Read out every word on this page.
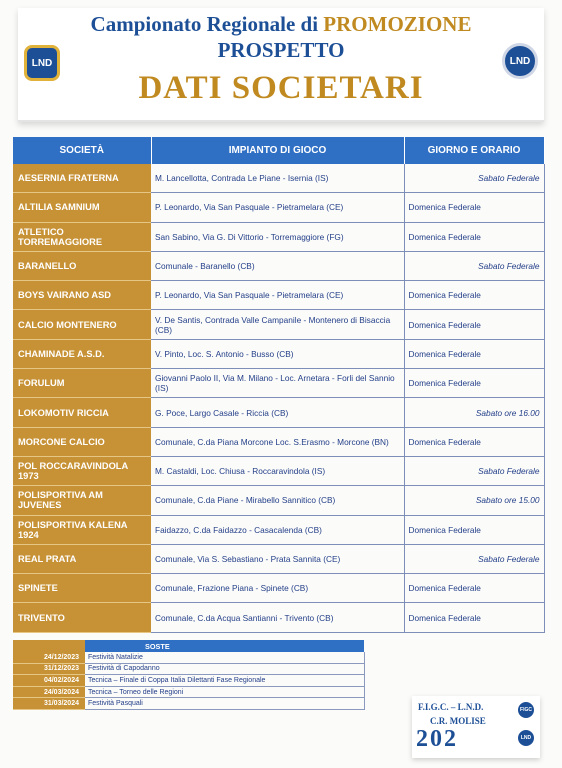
LND
Campionato Regionale di PROMOZIONE
PROSPETTO
DATI SOCIETARI
LND
SOCIETÀ	IMPIANTO DI GIOCO	GIORNO E ORARIO
AESERNIA FRATERNA	M. Lancellotta, Contrada Le Piane - Isernia (IS)	Sabato Federale
ALTILIA SAMNIUM	P. Leonardo, Via San Pasquale - Pietramelara (CE)	Domenica Federale
ATLETICO TORREMAGGIORE	San Sabino, Via G. Di Vittorio - Torremaggiore (FG)	Domenica Federale
BARANELLO	Comunale - Baranello (CB)	Sabato Federale
BOYS VAIRANO ASD	P. Leonardo, Via San Pasquale - Pietramelara (CE)	Domenica Federale
CALCIO MONTENERO	V. De Santis, Contrada Valle Campanile - Montenero di Bisaccia (CB)	Domenica Federale
CHAMINADE A.S.D.	V. Pinto, Loc. S. Antonio - Busso (CB)	Domenica Federale
FORULUM	Giovanni Paolo II, Via M. Milano - Loc. Arnetara - Forli del Sannio (IS)	Domenica Federale
LOKOMOTIV RICCIA	G. Poce, Largo Casale - Riccia (CB)	Sabato ore 16.00
MORCONE CALCIO	Comunale, C.da Piana Morcone Loc. S.Erasmo - Morcone (BN)	Domenica Federale
POL ROCCARAVINDOLA 1973	M. Castaldi, Loc. Chiusa - Roccaravindola (IS)	Sabato Federale
POLISPORTIVA AM JUVENES	Comunale, C.da Piane - Mirabello Sannitico (CB)	Sabato ore 15.00
POLISPORTIVA KALENA 1924	Faidazzo, C.da Faidazzo - Casacalenda (CB)	Domenica Federale
REAL PRATA	Comunale, Via S. Sebastiano - Prata Sannita (CE)	Sabato Federale
SPINETE	Comunale, Frazione Piana - Spinete (CB)	Domenica Federale
TRIVENTO	Comunale, C.da Acqua Santianni - Trivento (CB)	Domenica Federale
	SOSTE
24/12/2023	Festività Natalizie
31/12/2023	Festività di Capodanno
04/02/2024	Tecnica – Finale di Coppa Italia Dilettanti Fase Regionale
24/03/2024	Tecnica – Torneo delle Regioni
31/03/2024	Festività Pasquali	F.I.G.C. – L.N.D.
C.R. MOLISE
202
FIGC
LND
